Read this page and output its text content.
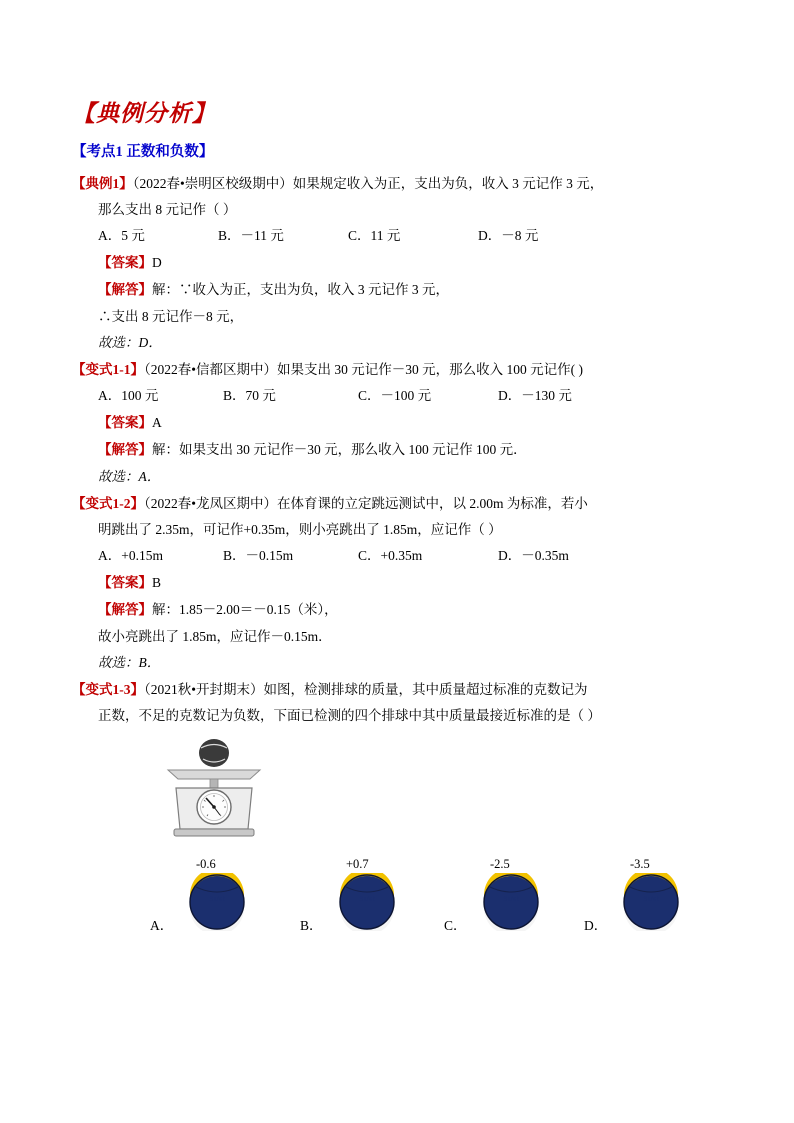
【典例分析】
【考点1 正数和负数】
【典例1】（2022春•崇明区校级期中）如果规定收入为正，支出为负，收入 3 元记作 3 元，
那么支出 8 元记作（ ）
A．5 元	B．－11 元	C．11 元	D．－8 元
【答案】D
【解答】解：∵收入为正，支出为负，收入 3 元记作 3 元，
∴支出 8 元记作－8 元，
故选：D．
【变式1-1】（2022春•信都区期中）如果支出 30 元记作－30 元，那么收入 100 元记作( )
A．100 元	B．70 元	C．－100 元	D．－130 元
【答案】A
【解答】解：如果支出 30 元记作－30 元，那么收入 100 元记作 100 元．
故选：A．
【变式1-2】（2022春•龙凤区期中）在体育课的立定跳远测试中，以 2.00m 为标准，若小
明跳出了 2.35m，可记作+0.35m，则小亮跳出了 1.85m，应记作（ ）
A．+0.15m	B．－0.15m	C．+0.35m	D．－0.35m
【答案】B
【解答】解：1.85－2.00＝－0.15（米），
故小亮跳出了 1.85m，应记作－0.15m．
故选：B．
【变式1-3】（2021秋•开封期末）如图，检测排球的质量，其中质量超过标准的克数记为
正数，不足的克数记为负数，下面已检测的四个排球中其中质量最接近标准的是（ ）
-0.6
STAR
A．
+0.7
STAR
B．
-2.5
STAR
C．
-3.5
STAR
D．
